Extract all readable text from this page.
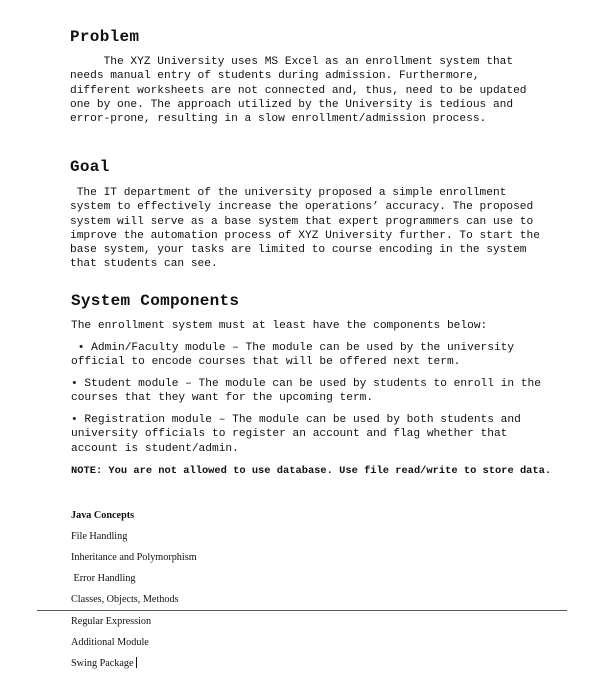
Problem

The XYZ University uses MS Excel as an enrollment system that
needs manual entry of students during admission. Furthermore,
different worksheets are not connected and, thus, need to be updated
one by one. The approach utilized by the University is tedious and
error-prone, resulting in a slow enrollment/admission process.

Goal

The IT department of the university proposed a simple enrollment
system to effectively increase the operations’ accuracy. The proposed
system will serve as a base system that expert programmers can use to
improve the automation process of XYZ University further. To start the
base system, your tasks are limited to course encoding in the system
that students can see.

System Components

The enrollment system must at least have the components below:

• Admin/Faculty module – The module can be used by the university
official to encode courses that will be offered next term.

• Student module – The module can be used by students to enroll in the
courses that they want for the upcoming term.

• Registration module – The module can be used by both students and
university officials to register an account and flag whether that
account is student/admin.

NOTE: You are not allowed to use database. Use file read/write to store data.

Java Concepts
File Handling
Inheritance and Polymorphism
Error Handling
Classes, Objects, Methods
Regular Expression
Additional Module
Swing Package
